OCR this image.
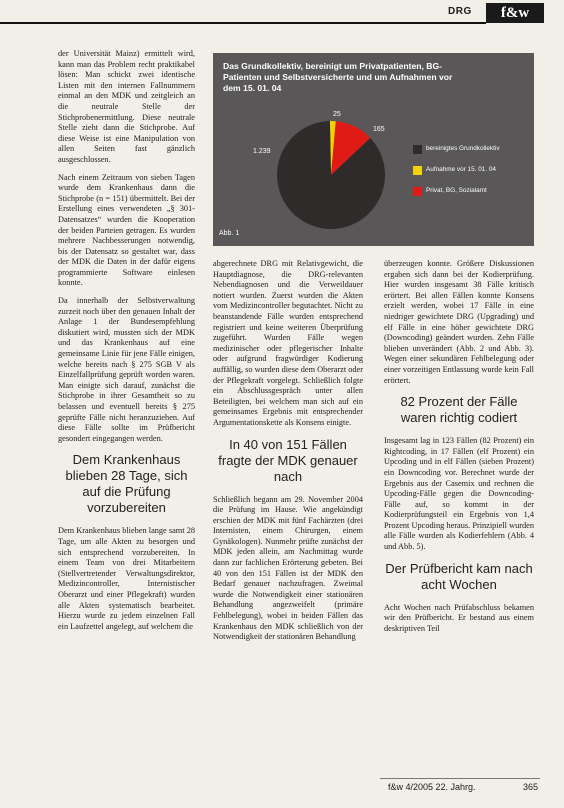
DRG	f&w

der Universität Mainz) ermittelt wird, kann man das Problem recht praktikabel lösen: Man schickt zwei identische Listen mit den internen Fallnummern einmal an den MDK und zeitgleich an die neutrale Stelle der Stichprobenermittlung. Diese neutrale Stelle zieht dann die Stichprobe. Auf diese Weise ist eine Manipulation von allen Seiten fast gänzlich ausgeschlossen.

Nach einem Zeitraum von sieben Tagen wurde dem Krankenhaus dann die Stichprobe (n = 151) übermittelt. Bei der Erstellung eines verwendeten „§ 301-Datensatzes“ wurden die Kooperation der beiden Parteien getragen. Es wurden mehrere Nachbesserungen notwendig, bis der Datensatz so gestaltet war, dass der MDK die Daten in der dafür eigens programmierte Software einlesen konnte.

Da innerhalb der Selbstverwaltung zurzeit noch über den genauen Inhalt der Anlage 1 der Bundesempfehlung diskutiert wird, mussten sich der MDK und das Krankenhaus auf eine gemeinsame Linie für jene Fälle einigen, welche bereits nach § 275 SGB V als Einzelfallprüfung geprüft worden waren. Man einigte sich darauf, zunächst die Stichprobe in ihrer Gesamtheit so zu belassen und eventuell bereits § 275 geprüfte Fälle nicht heranzuziehen. Auf diese Fälle sollte im Prüfbericht gesondert eingegangen werden.

Dem Krankenhaus blieben 28 Tage, sich auf die Prüfung vorzubereiten

Dem Krankenhaus blieben lange samt 28 Tage, um alle Akten zu besorgen und sich entsprechend vorzubereiten. In einem Team von drei Mitarbeitern (Stellvertretender Verwaltungsdirektor, Medizincontroller, Internistischer Oberarzt und einer Pflegekraft) wurden alle Akten systematisch bearbeitet. Hierzu wurde zu jedem einzelnen Fall ein Laufzettel angelegt, auf welchem die

Das Grundkollektiv, bereinigt um Privatpatienten, BG-Patienten und Selbstversicherte und um Aufnahmen vor dem 15. 01. 04
1.239
25
165
bereinigtes Grundkollektiv
Aufnahme vor 15. 01. 04
Privat, BG, Sozialamt
Abb. 1

abgerechnete DRG mit Relativgewicht, die Hauptdiagnose, die DRG-relevanten Nebendiagnosen und die Verweildauer notiert wurden. Zuerst wurden die Akten vom Medizincontroller begutachtet. Nicht zu beanstandende Fälle wurden entsprechend registriert und keine weiteren Überprüfung zugeführt. Wurden Fälle wegen medizinischer oder pflegerischer Inhalte oder aufgrund fragwürdiger Kodierung auffällig, so wurden diese dem Oberarzt oder der Pflegekraft vorgelegt. Schließlich folgte ein Abschlussgespräch unter allen Beteiligten, bei welchem man sich auf ein gemeinsames Ergebnis mit entsprechender Argumentationskette als Konsens einigte.

In 40 von 151 Fällen fragte der MDK genauer nach

Schließlich begann am 29. November 2004 die Prüfung im Hause. Wie angekündigt erschien der MDK mit fünf Fachärzten (drei Internisten, einem Chirurgen, einem Gynäkologen). Nunmehr prüfte zunächst der MDK jeden allein, am Nachmittag wurde dann zur fachlichen Erörterung gebeten. Bei 40 von den 151 Fällen ist der MDK den Bedarf genauer nachzufragen. Zweimal wurde die Notwendigkeit einer stationären Behandlung angezweifelt (primäre Fehlbelegung), wobei in beiden Fällen das Krankenhaus den MDK schließlich von der Notwendigkeit der stationären Behandlung

überzeugen konnte. Größere Diskussionen ergaben sich dann bei der Kodierprüfung. Hier wurden insgesamt 38 Fälle kritisch erörtert. Bei allen Fällen konnte Konsens erzielt werden, wobei 17 Fälle in eine niedriger gewichtete DRG (Upgrading) und elf Fälle in eine höher gewichtete DRG (Downcoding) geändert wurden. Zehn Fälle blieben unverändert (Abb. 2 und Abb. 3). Wegen einer sekundären Fehlbelegung oder einer vorzeitigen Entlassung wurde kein Fall erörtert.

82 Prozent der Fälle waren richtig codiert

Insgesamt lag in 123 Fällen (82 Prozent) ein Rightcoding, in 17 Fällen (elf Prozent) ein Upcoding und in elf Fällen (sieben Prozent) ein Downcoding vor. Berechnet wurde der Ergebnis aus der Casemix und rechnen die Upcoding-Fälle gegen die Downcoding-Fälle auf, so kommt in der Kodierprüfungsteil ein Ergebnis von 1,4 Prozent Upcoding heraus. Prinzipiell wurden alle Fälle wurden als Kodierfehlern (Abb. 4 und Abb. 5).

Der Prüfbericht kam nach acht Wochen

Acht Wochen nach Prüfabschluss bekamen wir den Prüfbericht. Er bestand aus einem deskriptiven Teil

f&w 4/2005 22. Jahrg.	365
